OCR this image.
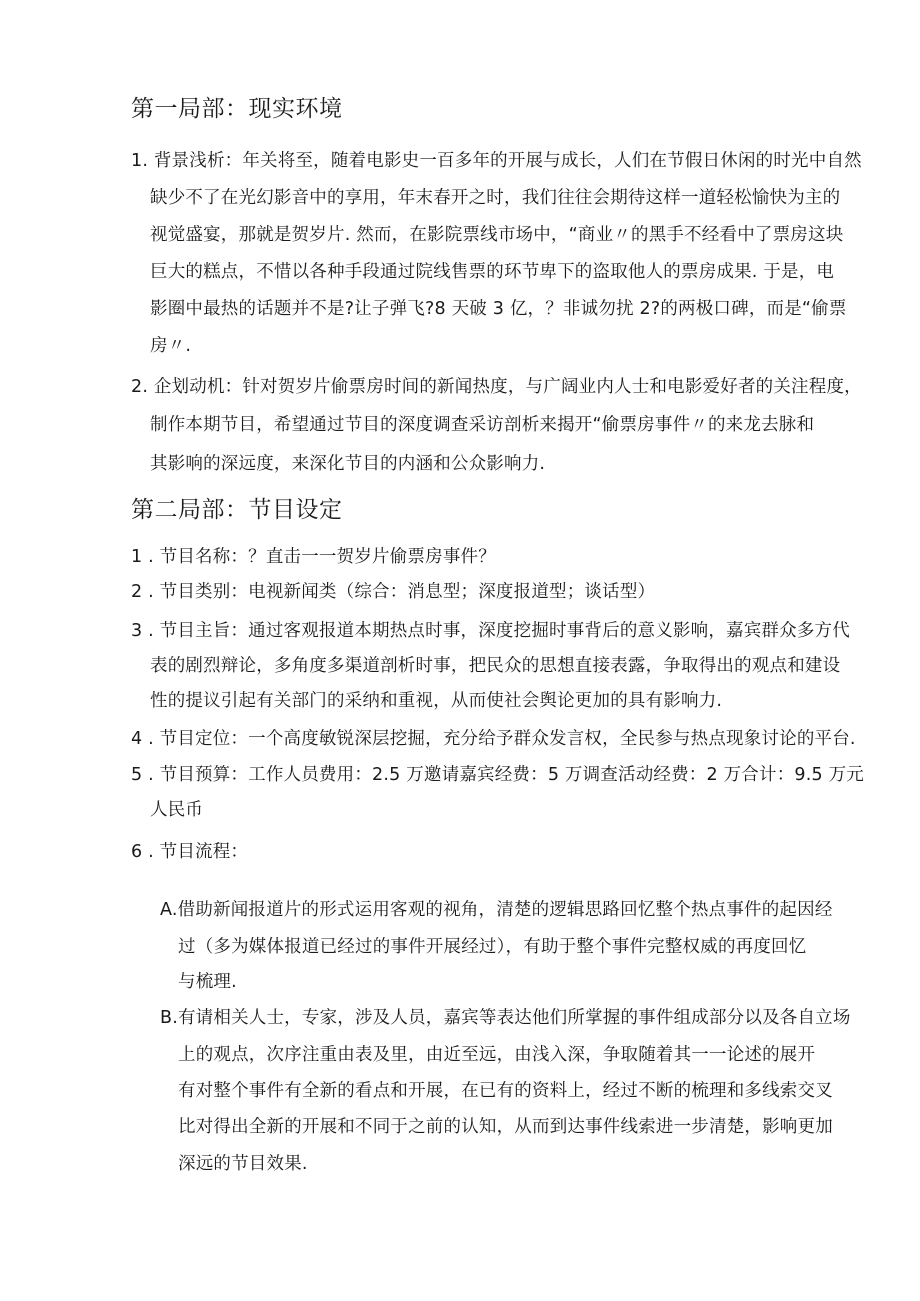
第一局部：现实环境
1. 背景浅析：年关将至，随着电影史一百多年的开展与成长，人们在节假日休闲的时光中自然
缺少不了在光幻影音中的享用，年末春开之时，我们往往会期待这样一道轻松愉快为主的
视觉盛宴，那就是贺岁片. 然而，在影院票线市场中，“商业〃的黑手不经看中了票房这块
巨大的糕点，不惜以各种手段通过院线售票的环节卑下的盗取他人的票房成果. 于是，电
影圈中最热的话题并不是?让子弹飞?8 天破 3 亿，？非诚勿扰 2?的两极口碑，而是“偷票
房〃.
2. 企划动机：针对贺岁片偷票房时间的新闻热度，与广阔业内人士和电影爱好者的关注程度，
制作本期节目，希望通过节目的深度调查采访剖析来揭开“偷票房事件〃的来龙去脉和
其影响的深远度，来深化节目的内涵和公众影响力.
第二局部：节目设定
1 . 节目名称：？直击一一贺岁片偷票房事件？
2 . 节目类别：电视新闻类（综合：消息型；深度报道型；谈话型）
3 . 节目主旨：通过客观报道本期热点时事，深度挖掘时事背后的意义影响，嘉宾群众多方代
表的剧烈辩论，多角度多渠道剖析时事，把民众的思想直接表露，争取得出的观点和建设
性的提议引起有关部门的采纳和重视，从而使社会舆论更加的具有影响力.
4 . 节目定位：一个高度敏锐深层挖掘，充分给予群众发言权，全民参与热点现象讨论的平台.
5 . 节目预算：工作人员费用：2.5 万邀请嘉宾经费：5 万调查活动经费：2 万合计：9.5 万元
人民币
6 . 节目流程：
A.借助新闻报道片的形式运用客观的视角，清楚的逻辑思路回忆整个热点事件的起因经
过（多为媒体报道已经过的事件开展经过），有助于整个事件完整权威的再度回忆
与梳理.
B.有请相关人士，专家，涉及人员，嘉宾等表达他们所掌握的事件组成部分以及各自立场
上的观点，次序注重由表及里，由近至远，由浅入深，争取随着其一一论述的展开
有对整个事件有全新的看点和开展，在已有的资料上，经过不断的梳理和多线索交叉
比对得出全新的开展和不同于之前的认知，从而到达事件线索进一步清楚，影响更加
深远的节目效果.
